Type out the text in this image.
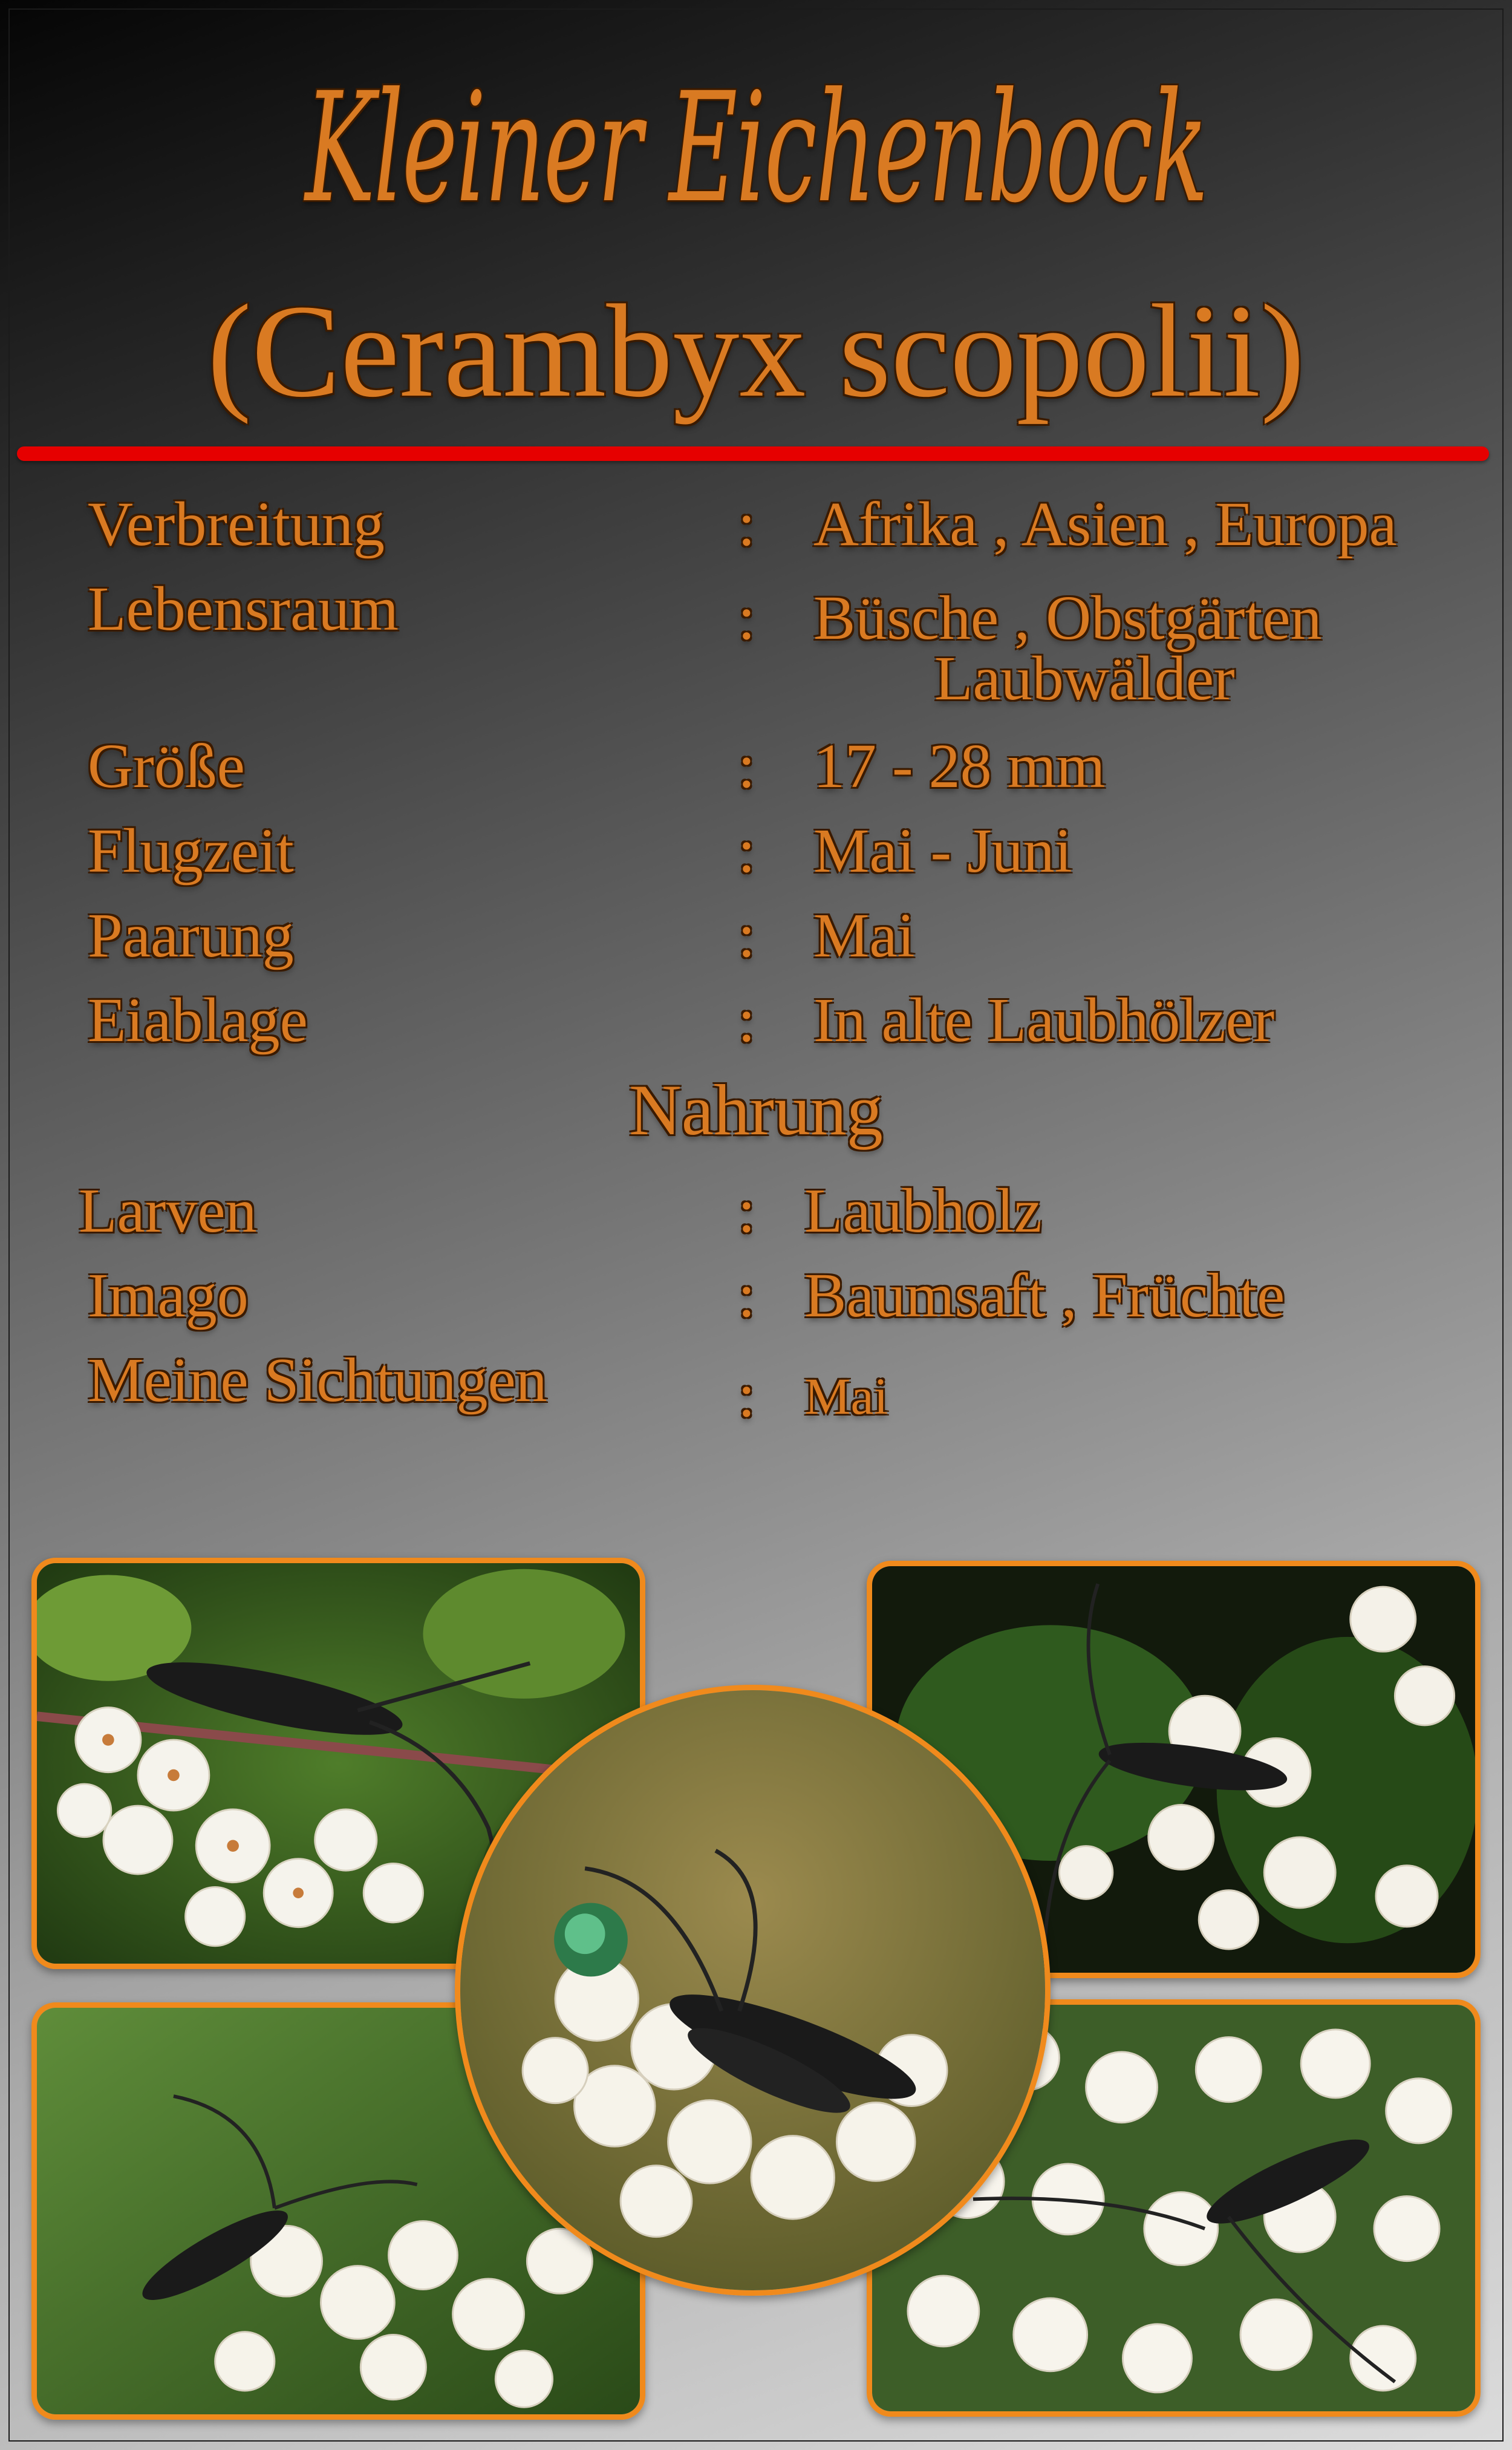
Kleiner Eichenbock
(Cerambyx scopolii)
Verbreitung	: Afrika , Asien , Europa
Lebensraum	: Büsche , Obstgärten
Laubwälder
Größe	: 17 - 28 mm
Flugzeit	: Mai - Juni
Paarung	: Mai
Eiablage	: In alte Laubhölzer
Nahrung
Larven	: Laubholz
Imago	: Baumsaft , Früchte
Meine Sichtungen	: Mai
